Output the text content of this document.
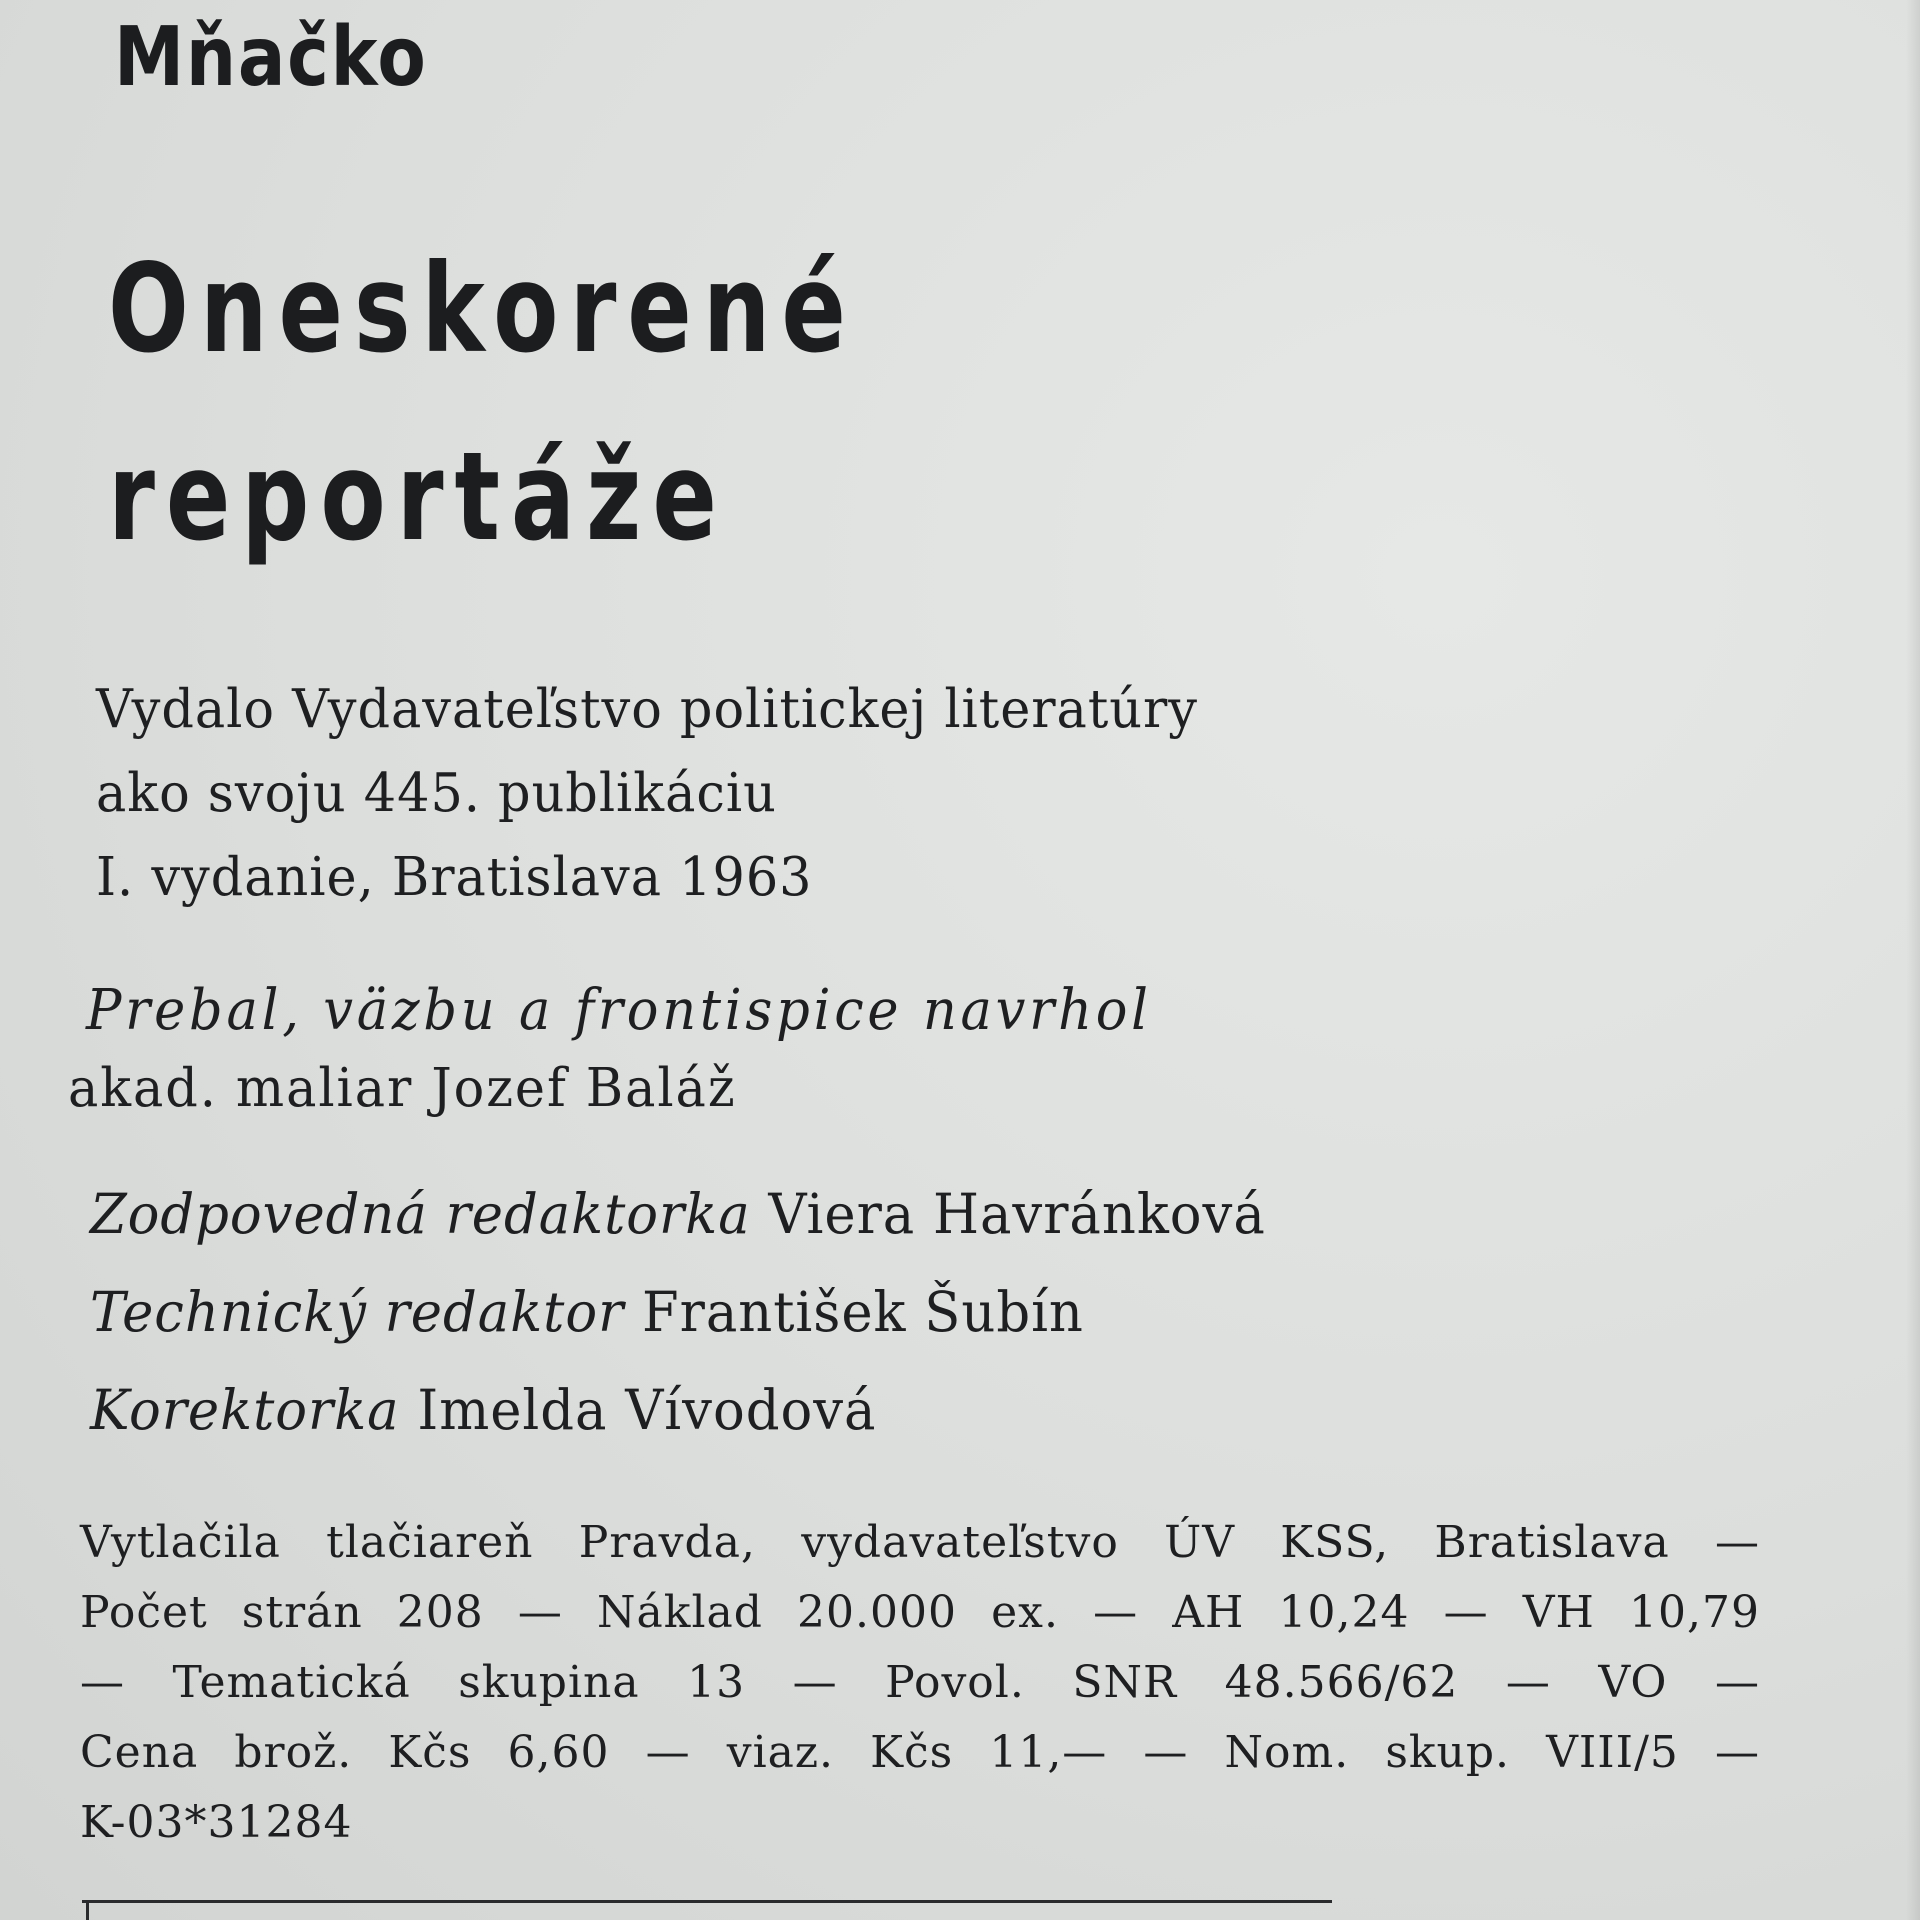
Mňačko
Oneskorené
reportáže
Vydalo Vydavateľstvo politickej literatúry
ako svoju 445. publikáciu
I. vydanie, Bratislava 1963
Prebal, väzbu a frontispice navrhol
akad. maliar Jozef Baláž
Zodpovedná redaktorka Viera Havránková
Technický redaktor František Šubín
Korektorka Imelda Vívodová
Vytlačila tlačiareň Pravda, vydavateľstvo ÚV KSS, Bratislava —
Počet strán 208 — Náklad 20.000 ex. — AH 10,24 — VH 10,79
— Tematická skupina 13 — Povol. SNR 48.566/62 — VO —
Cena brož. Kčs 6,60 — viaz. Kčs 11,— — Nom. skup. VIII/5 —
K-03*31284
